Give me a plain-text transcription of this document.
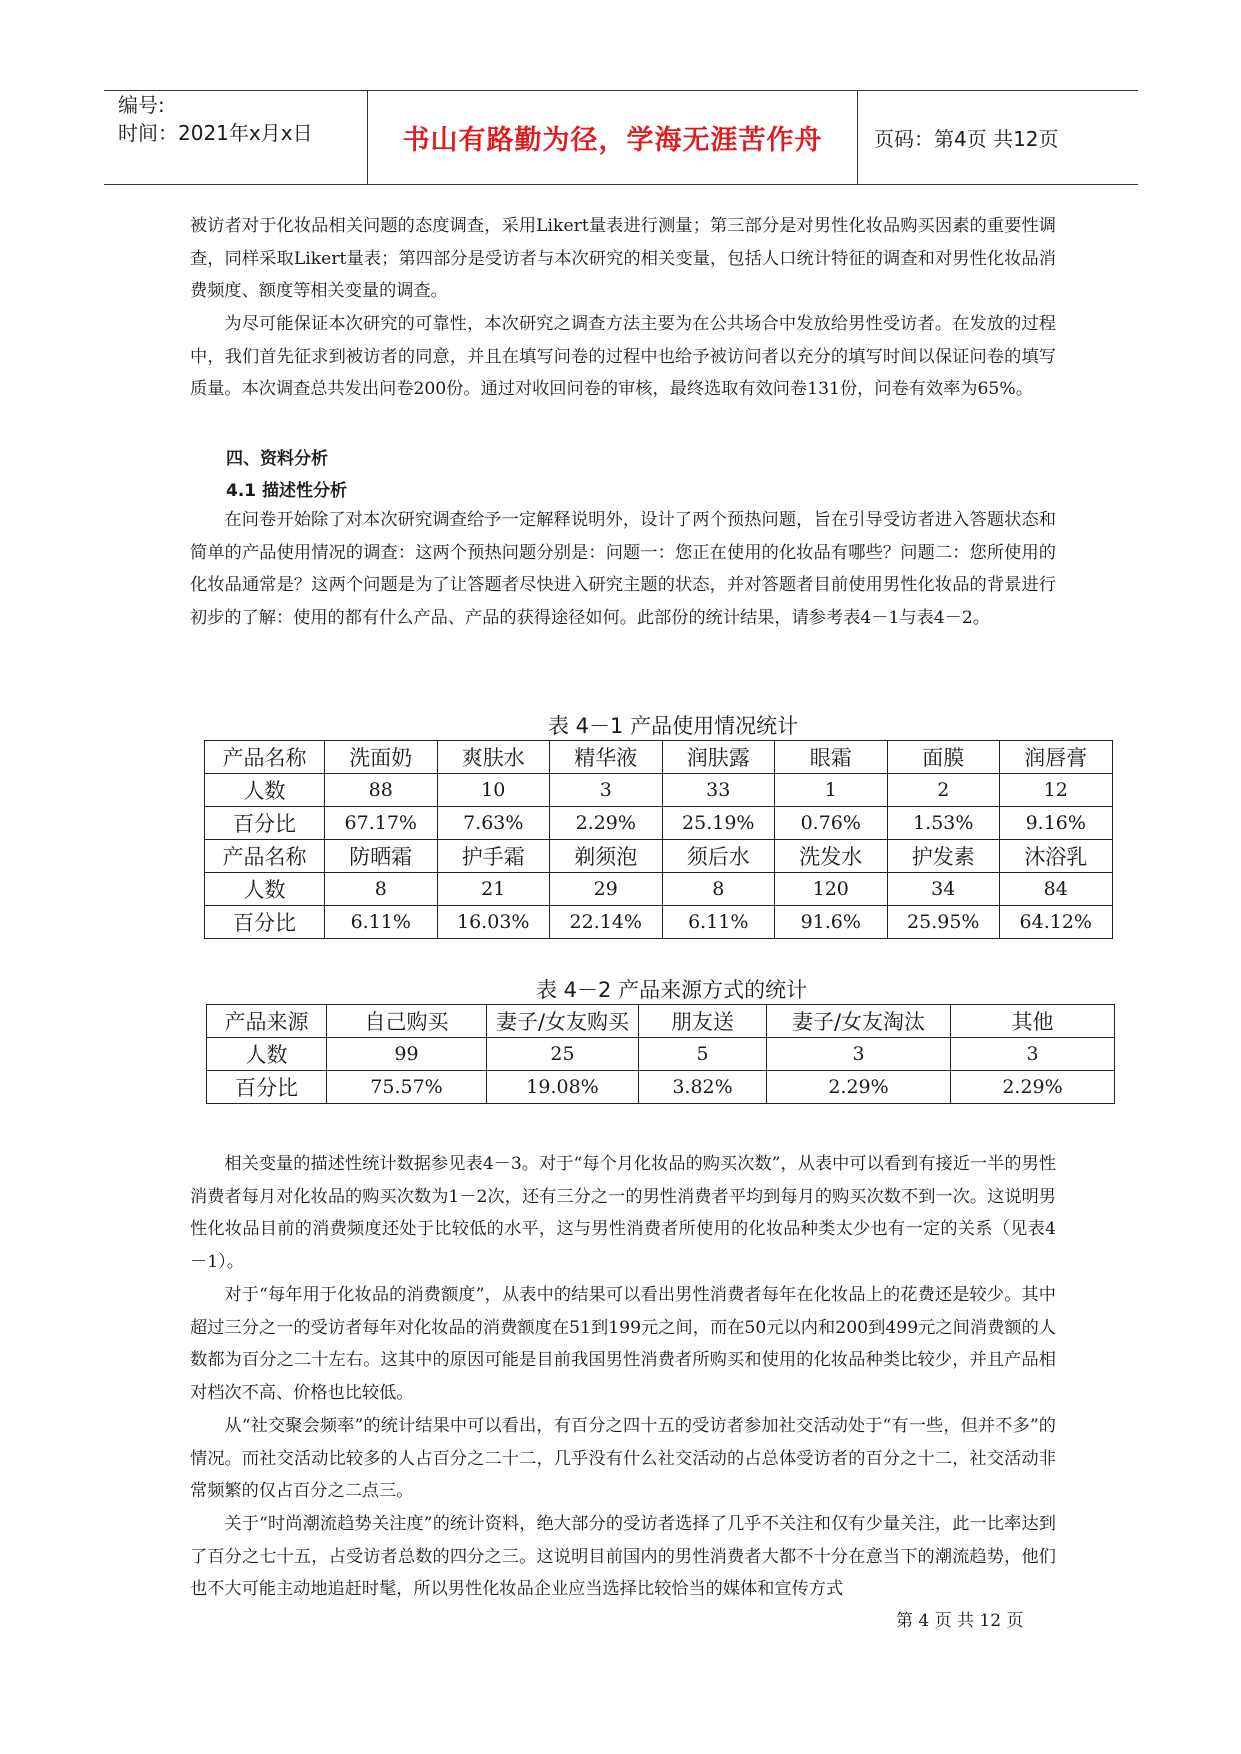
编号:
时间：2021年x月x日	书山有路勤为径，学海无涯苦作舟	页码：第4页 共12页
被访者对于化妆品相关问题的态度调查，采用Likert量表进行测量；第三部分是对男性化妆品购买因素的重要性调查，同样采取Likert量表；第四部分是受访者与本次研究的相关变量，包括人口统计特征的调查和对男性化妆品消费频度、额度等相关变量的调查。
为尽可能保证本次研究的可靠性，本次研究之调查方法主要为在公共场合中发放给男性受访者。在发放的过程中，我们首先征求到被访者的同意，并且在填写问卷的过程中也给予被访问者以充分的填写时间以保证问卷的填写质量。本次调查总共发出问卷200份。通过对收回问卷的审核，最终选取有效问卷131份，问卷有效率为65%。
四、资料分析
4.1 描述性分析
在问卷开始除了对本次研究调查给予一定解释说明外，设计了两个预热问题，旨在引导受访者进入答题状态和简单的产品使用情况的调查：这两个预热问题分别是：问题一：您正在使用的化妆品有哪些？问题二：您所使用的化妆品通常是？这两个问题是为了让答题者尽快进入研究主题的状态，并对答题者目前使用男性化妆品的背景进行初步的了解：使用的都有什么产品、产品的获得途径如何。此部份的统计结果，请参考表4－1与表4－2。
表 4－1 产品使用情况统计
产品名称	洗面奶	爽肤水	精华液	润肤露	眼霜	面膜	润唇膏
人数	88	10	3	33	1	2	12
百分比	67.17%	7.63%	2.29%	25.19%	0.76%	1.53%	9.16%
产品名称	防晒霜	护手霜	剃须泡	须后水	洗发水	护发素	沐浴乳
人数	8	21	29	8	120	34	84
百分比	6.11%	16.03%	22.14%	6.11%	91.6%	25.95%	64.12%
表 4－2 产品来源方式的统计
产品来源	自己购买	妻子/女友购买	朋友送	妻子/女友淘汰	其他
人数	99	25	5	3	3
百分比	75.57%	19.08%	3.82%	2.29%	2.29%
相关变量的描述性统计数据参见表4－3。对于“每个月化妆品的购买次数”，从表中可以看到有接近一半的男性消费者每月对化妆品的购买次数为1－2次，还有三分之一的男性消费者平均到每月的购买次数不到一次。这说明男性化妆品目前的消费频度还处于比较低的水平，这与男性消费者所使用的化妆品种类太少也有一定的关系（见表4－1）。
对于“每年用于化妆品的消费额度”，从表中的结果可以看出男性消费者每年在化妆品上的花费还是较少。其中超过三分之一的受访者每年对化妆品的消费额度在51到199元之间，而在50元以内和200到499元之间消费额的人数都为百分之二十左右。这其中的原因可能是目前我国男性消费者所购买和使用的化妆品种类比较少，并且产品相对档次不高、价格也比较低。
从“社交聚会频率”的统计结果中可以看出，有百分之四十五的受访者参加社交活动处于“有一些，但并不多”的情况。而社交活动比较多的人占百分之二十二，几乎没有什么社交活动的占总体受访者的百分之十二，社交活动非常频繁的仅占百分之二点三。
关于“时尚潮流趋势关注度”的统计资料，绝大部分的受访者选择了几乎不关注和仅有少量关注，此一比率达到了百分之七十五，占受访者总数的四分之三。这说明目前国内的男性消费者大都不十分在意当下的潮流趋势，他们也不大可能主动地追赶时髦，所以男性化妆品企业应当选择比较恰当的媒体和宣传方式
第 4 页 共 12 页
